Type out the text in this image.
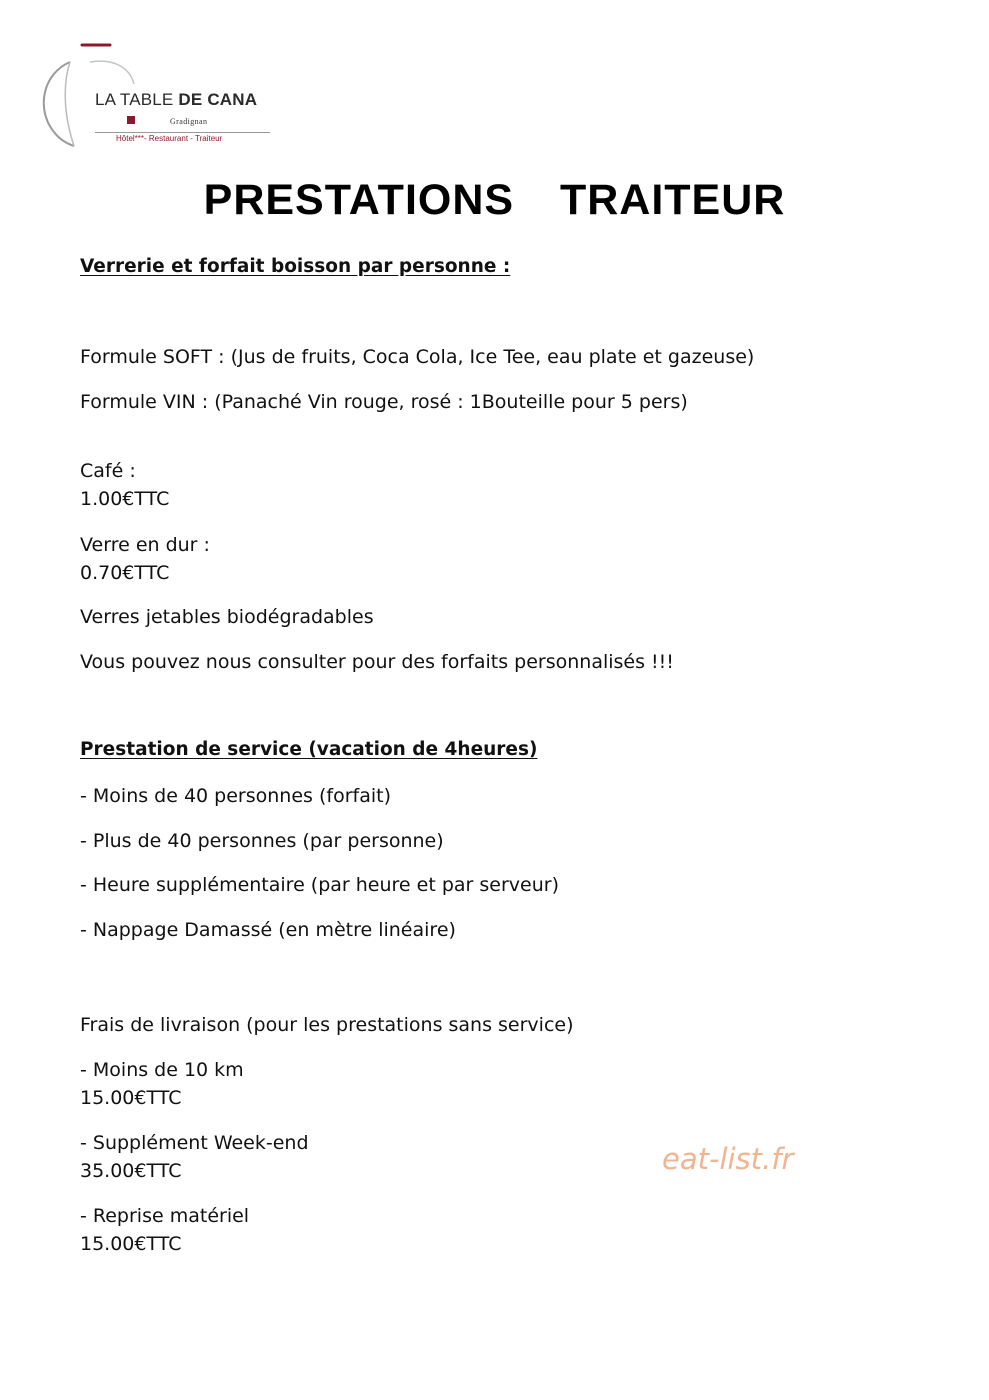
LA TABLE DE CANA
Gradignan
Hôtel***- Restaurant - Traiteur
PRESTATIONS  TRAITEUR
Verrerie et forfait boisson par personne :
Formule SOFT : (Jus de fruits, Coca Cola, Ice Tee, eau plate et gazeuse)
Formule VIN : (Panaché Vin rouge, rosé : 1Bouteille pour 5 pers)
Café :
1.00€TTC
Verre en dur :
0.70€TTC
Verres jetables biodégradables
Vous pouvez nous consulter pour des forfaits personnalisés !!!
Prestation de service (vacation de 4heures)
- Moins de 40 personnes (forfait)
- Plus de 40 personnes (par personne)
- Heure supplémentaire (par heure et par serveur)
- Nappage Damassé (en mètre linéaire)
Frais de livraison (pour les prestations sans service)
- Moins de 10 km
15.00€TTC
- Supplément Week-end
35.00€TTC
- Reprise matériel
15.00€TTC
eat-list.fr
